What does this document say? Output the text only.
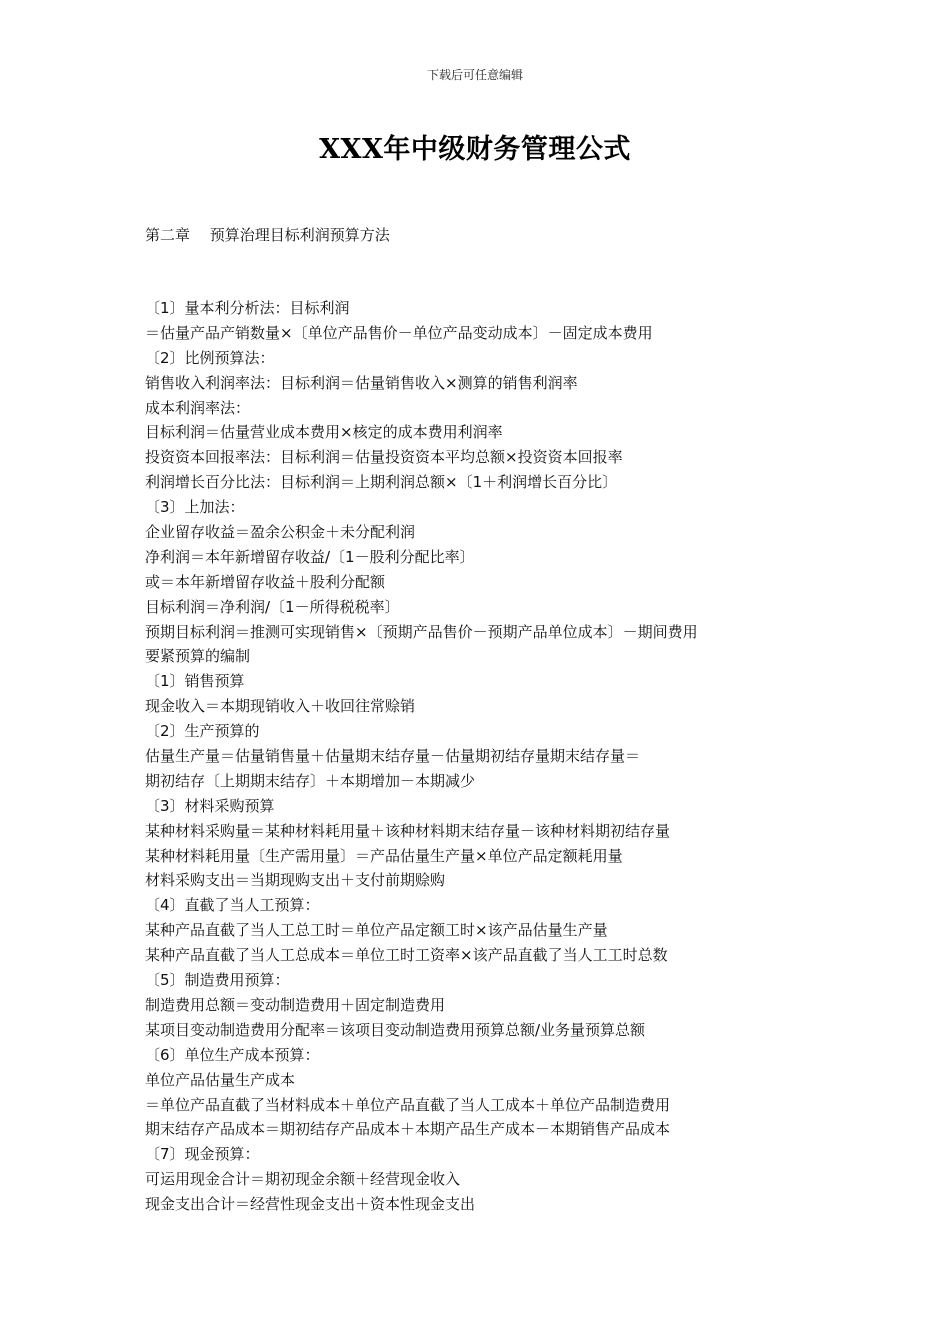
下载后可任意编辑
XXX年中级财务管理公式
第二章　 预算治理目标利润预算方法
〔1〕量本利分析法：目标利润
＝估量产品产销数量×〔单位产品售价－单位产品变动成本〕－固定成本费用
〔2〕比例预算法：
销售收入利润率法：目标利润＝估量销售收入×测算的销售利润率
成本利润率法：
目标利润＝估量营业成本费用×核定的成本费用利润率
投资资本回报率法：目标利润＝估量投资资本平均总额×投资资本回报率
利润增长百分比法：目标利润＝上期利润总额×〔1＋利润增长百分比〕
〔3〕上加法：
企业留存收益＝盈余公积金＋未分配利润
净利润＝本年新增留存收益/〔1－股利分配比率〕
或＝本年新增留存收益＋股利分配额
目标利润＝净利润/〔1－所得税税率〕
预期目标利润＝推测可实现销售×〔预期产品售价－预期产品单位成本〕－期间费用
要紧预算的编制
〔1〕销售预算
现金收入＝本期现销收入＋收回往常赊销
〔2〕生产预算的
估量生产量＝估量销售量＋估量期末结存量－估量期初结存量期末结存量＝
期初结存〔上期期末结存〕＋本期增加－本期减少
〔3〕材料采购预算
某种材料采购量＝某种材料耗用量＋该种材料期末结存量－该种材料期初结存量
某种材料耗用量〔生产需用量〕＝产品估量生产量×单位产品定额耗用量
材料采购支出＝当期现购支出＋支付前期赊购
〔4〕直截了当人工预算：
某种产品直截了当人工总工时＝单位产品定额工时×该产品估量生产量
某种产品直截了当人工总成本＝单位工时工资率×该产品直截了当人工工时总数
〔5〕制造费用预算：
制造费用总额＝变动制造费用＋固定制造费用
某项目变动制造费用分配率＝该项目变动制造费用预算总额/业务量预算总额
〔6〕单位生产成本预算：
单位产品估量生产成本
＝单位产品直截了当材料成本＋单位产品直截了当人工成本＋单位产品制造费用
期末结存产品成本＝期初结存产品成本＋本期产品生产成本－本期销售产品成本
〔7〕现金预算：
可运用现金合计＝期初现金余额＋经营现金收入
现金支出合计＝经营性现金支出＋资本性现金支出
